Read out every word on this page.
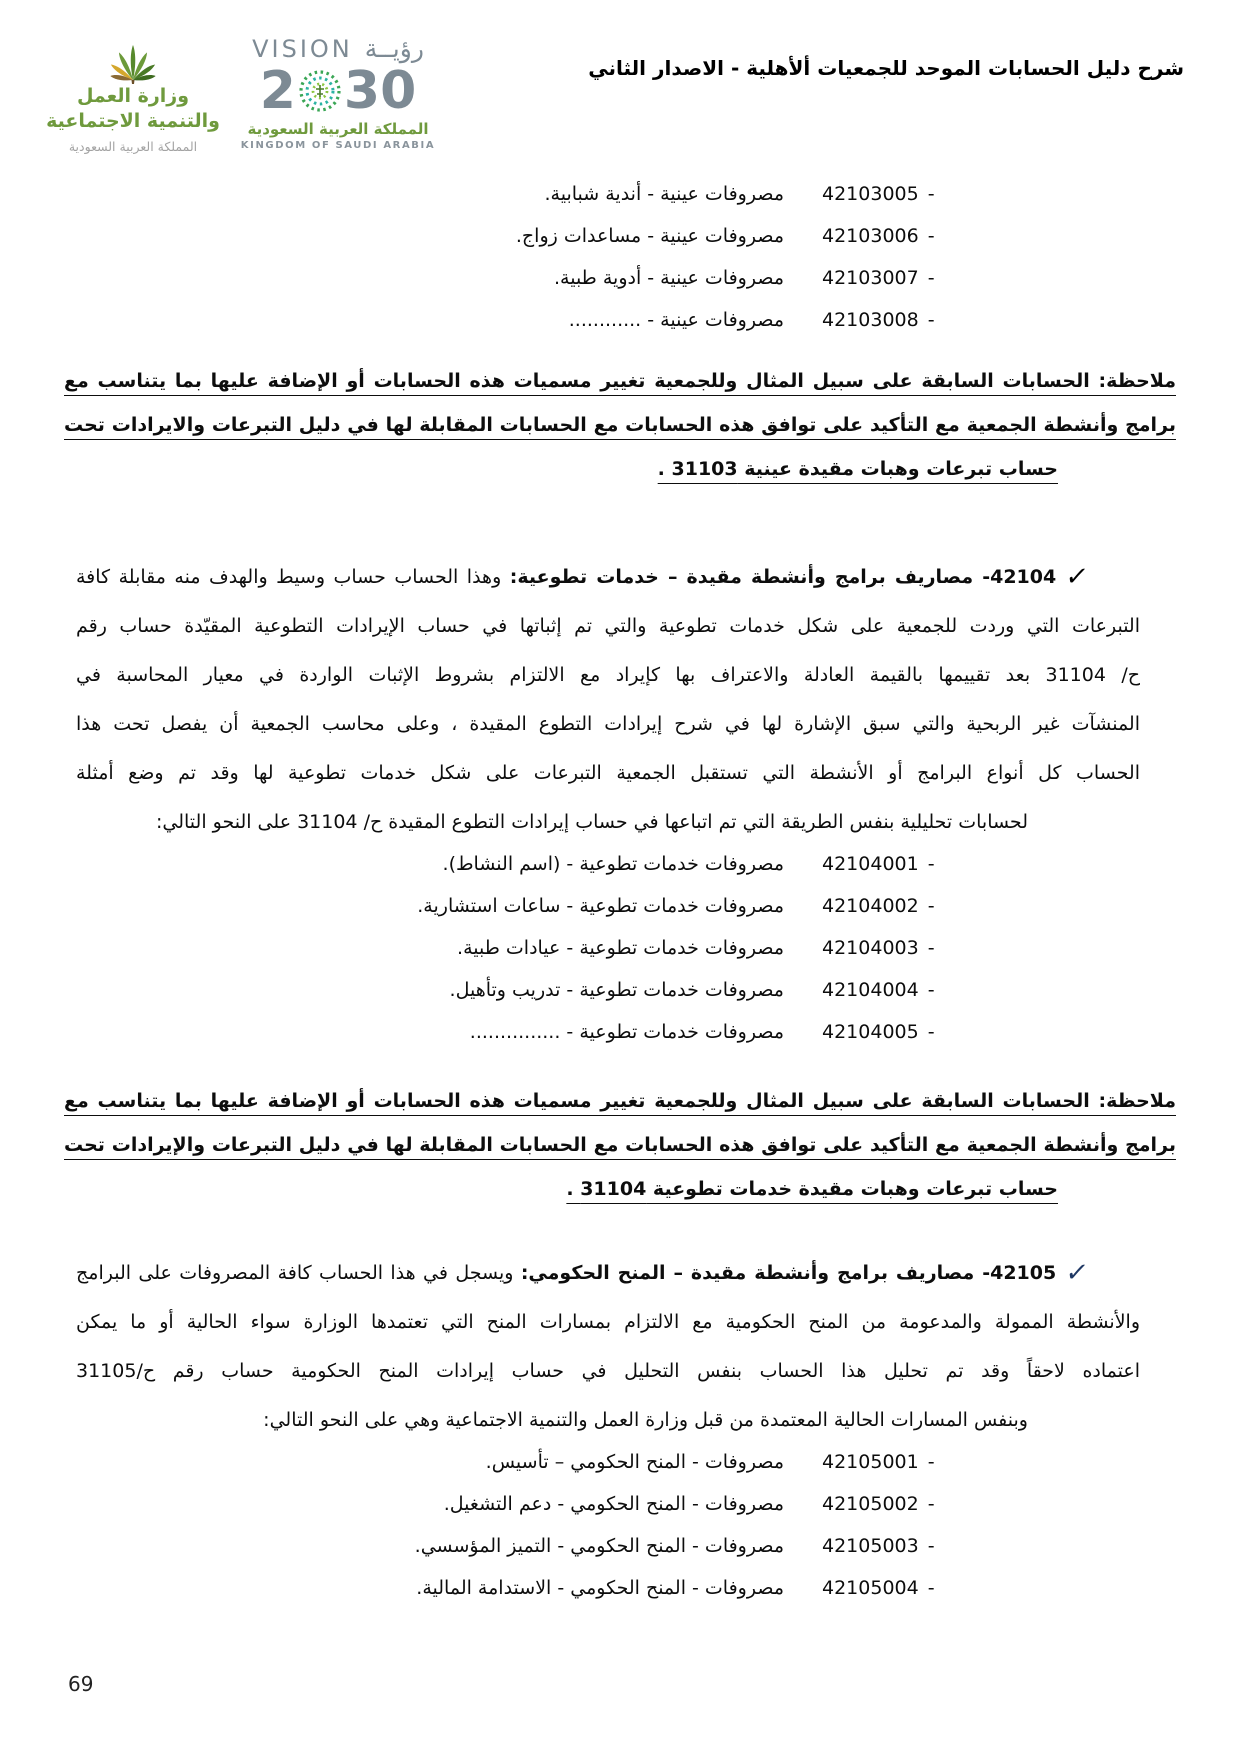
وزارة العمل
والتنمية الاجتماعية
المملكة العربية السعودية
VISION رؤيــة
2 30
المملكة العربية السعودية
KINGDOM OF SAUDI ARABIA
شرح دليل الحسابات الموحد للجمعيات ألأهلية - الاصدار الثاني
42103005 -
مصروفات عينية - أندية شبابية.
42103006 -
مصروفات عينية - مساعدات زواج.
42103007 -
مصروفات عينية - أدوية طبية.
42103008 -
مصروفات عينية - ............
ملاحظة: الحسابات السابقة على سبيل المثال وللجمعية تغيير مسميات هذه الحسابات أو الإضافة عليها بما يتناسب مع
برامج وأنشطة الجمعية مع التأكيد على توافق هذه الحسابات مع الحسابات المقابلة لها في دليل التبرعات والايرادات تحت
حساب تبرعات وهبات مقيدة عينية 31103 .
✓
42104- مصاريف برامج وأنشطة مقيدة – خدمات تطوعية: وهذا الحساب حساب وسيط والهدف منه مقابلة كافة
التبرعات التي وردت للجمعية على شكل خدمات تطوعية والتي تم إثباتها في حساب الإيرادات التطوعية المقيّدة حساب رقم
ح/ 31104 بعد تقييمها بالقيمة العادلة والاعتراف بها كإيراد مع الالتزام بشروط الإثبات الواردة في معيار المحاسبة في
المنشآت غير الربحية والتي سبق الإشارة لها في شرح إيرادات التطوع المقيدة ، وعلى محاسب الجمعية أن يفصل تحت هذا
الحساب كل أنواع البرامج أو الأنشطة التي تستقبل الجمعية التبرعات على شكل خدمات تطوعية لها وقد تم وضع أمثلة
لحسابات تحليلية بنفس الطريقة التي تم اتباعها في حساب إيرادات التطوع المقيدة ح/ 31104 على النحو التالي:
42104001 -
مصروفات خدمات تطوعية - (اسم النشاط).
42104002 -
مصروفات خدمات تطوعية - ساعات استشارية.
42104003 -
مصروفات خدمات تطوعية - عيادات طبية.
42104004 -
مصروفات خدمات تطوعية - تدريب وتأهيل.
42104005 -
مصروفات خدمات تطوعية - ...............
ملاحظة: الحسابات السابقة على سبيل المثال وللجمعية تغيير مسميات هذه الحسابات أو الإضافة عليها بما يتناسب مع
برامج وأنشطة الجمعية مع التأكيد على توافق هذه الحسابات مع الحسابات المقابلة لها في دليل التبرعات والإيرادات تحت
حساب تبرعات وهبات مقيدة خدمات تطوعية 31104 .
✓
42105- مصاريف برامج وأنشطة مقيدة – المنح الحكومي: ويسجل في هذا الحساب كافة المصروفات على البرامج
والأنشطة الممولة والمدعومة من المنح الحكومية مع الالتزام بمسارات المنح التي تعتمدها الوزارة سواء الحالية أو ما يمكن
اعتماده لاحقاً وقد تم تحليل هذا الحساب بنفس التحليل في حساب إيرادات المنح الحكومية حساب رقم ح/31105
وبنفس المسارات الحالية المعتمدة من قبل وزارة العمل والتنمية الاجتماعية وهي على النحو التالي:
42105001 -
مصروفات - المنح الحكومي – تأسيس.
42105002 -
مصروفات - المنح الحكومي - دعم التشغيل.
42105003 -
مصروفات - المنح الحكومي - التميز المؤسسي.
42105004 -
مصروفات - المنح الحكومي - الاستدامة المالية.
69
